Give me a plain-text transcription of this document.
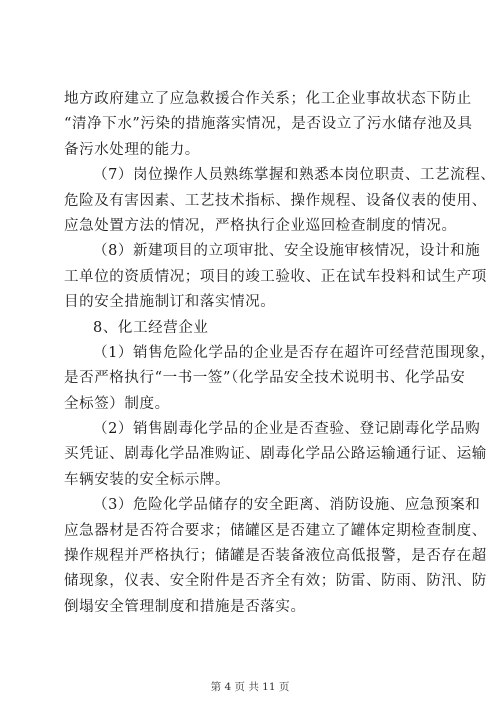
地方政府建立了应急救援合作关系；化工企业事故状态下防止
“清净下水”污染的措施落实情况，是否设立了污水储存池及具
备污水处理的能力。
（7）岗位操作人员熟练掌握和熟悉本岗位职责、工艺流程、
危险及有害因素、工艺技术指标、操作规程、设备仪表的使用、
应急处置方法的情况，严格执行企业巡回检查制度的情况。
（8）新建项目的立项审批、安全设施审核情况，设计和施
工单位的资质情况；项目的竣工验收、正在试车投料和试生产项
目的安全措施制订和落实情况。
8、化工经营企业
（1）销售危险化学品的企业是否存在超许可经营范围现象，
是否严格执行“一书一签”（化学品安全技术说明书、化学品安
全标签）制度。
（2）销售剧毒化学品的企业是否查验、登记剧毒化学品购
买凭证、剧毒化学品准购证、剧毒化学品公路运输通行证、运输
车辆安装的安全标示牌。
（3）危险化学品储存的安全距离、消防设施、应急预案和
应急器材是否符合要求；储罐区是否建立了罐体定期检查制度、
操作规程并严格执行；储罐是否装备液位高低报警，是否存在超
储现象，仪表、安全附件是否齐全有效；防雷、防雨、防汛、防
倒塌安全管理制度和措施是否落实。
第 4 页 共 11 页
